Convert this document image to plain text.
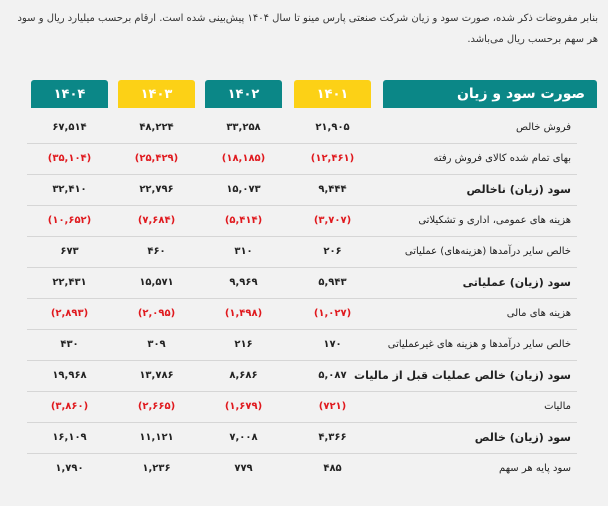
بنابر مفروضات ذکر شده، صورت سود و زیان شرکت صنعتی پارس مینو تا سال ۱۴۰۴ پیش‌بینی شده است. ارقام برحسب میلیارد ریال و سود هر سهم برحسب ریال می‌باشد.
صورت سود و زیان
۱۴۰۱
۱۴۰۲
۱۴۰۳
۱۴۰۴
فروش خالص
۲۱,۹۰۵
۳۳,۲۵۸
۴۸,۲۲۴
۶۷,۵۱۴
بهای تمام شده کالای فروش رفته
(۱۲,۴۶۱)
(۱۸,۱۸۵)
(۲۵,۴۲۹)
(۳۵,۱۰۴)
سود (زیان) ناخالص
۹,۴۴۴
۱۵,۰۷۳
۲۲,۷۹۶
۳۲,۴۱۰
هزینه های عمومی، اداری و تشکیلاتی
(۳,۷۰۷)
(۵,۴۱۴)
(۷,۶۸۴)
(۱۰,۶۵۲)
خالص سایر درآمدها (هزینه‌های) عملیاتی
۲۰۶
۳۱۰
۴۶۰
۶۷۳
سود (زیان) عملیاتی
۵,۹۴۳
۹,۹۶۹
۱۵,۵۷۱
۲۲,۴۳۱
هزینه های مالی
(۱,۰۲۷)
(۱,۴۹۸)
(۲,۰۹۵)
(۲,۸۹۳)
خالص سایر درآمدها و هزینه های غیرعملیاتی
۱۷۰
۲۱۶
۳۰۹
۴۳۰
سود (زیان) خالص عملیات قبل از مالیات
۵,۰۸۷
۸,۶۸۶
۱۳,۷۸۶
۱۹,۹۶۸
مالیات
(۷۲۱)
(۱,۶۷۹)
(۲,۶۶۵)
(۳,۸۶۰)
سود (زیان) خالص
۴,۳۶۶
۷,۰۰۸
۱۱,۱۲۱
۱۶,۱۰۹
سود پایه هر سهم
۴۸۵
۷۷۹
۱,۲۳۶
۱,۷۹۰
